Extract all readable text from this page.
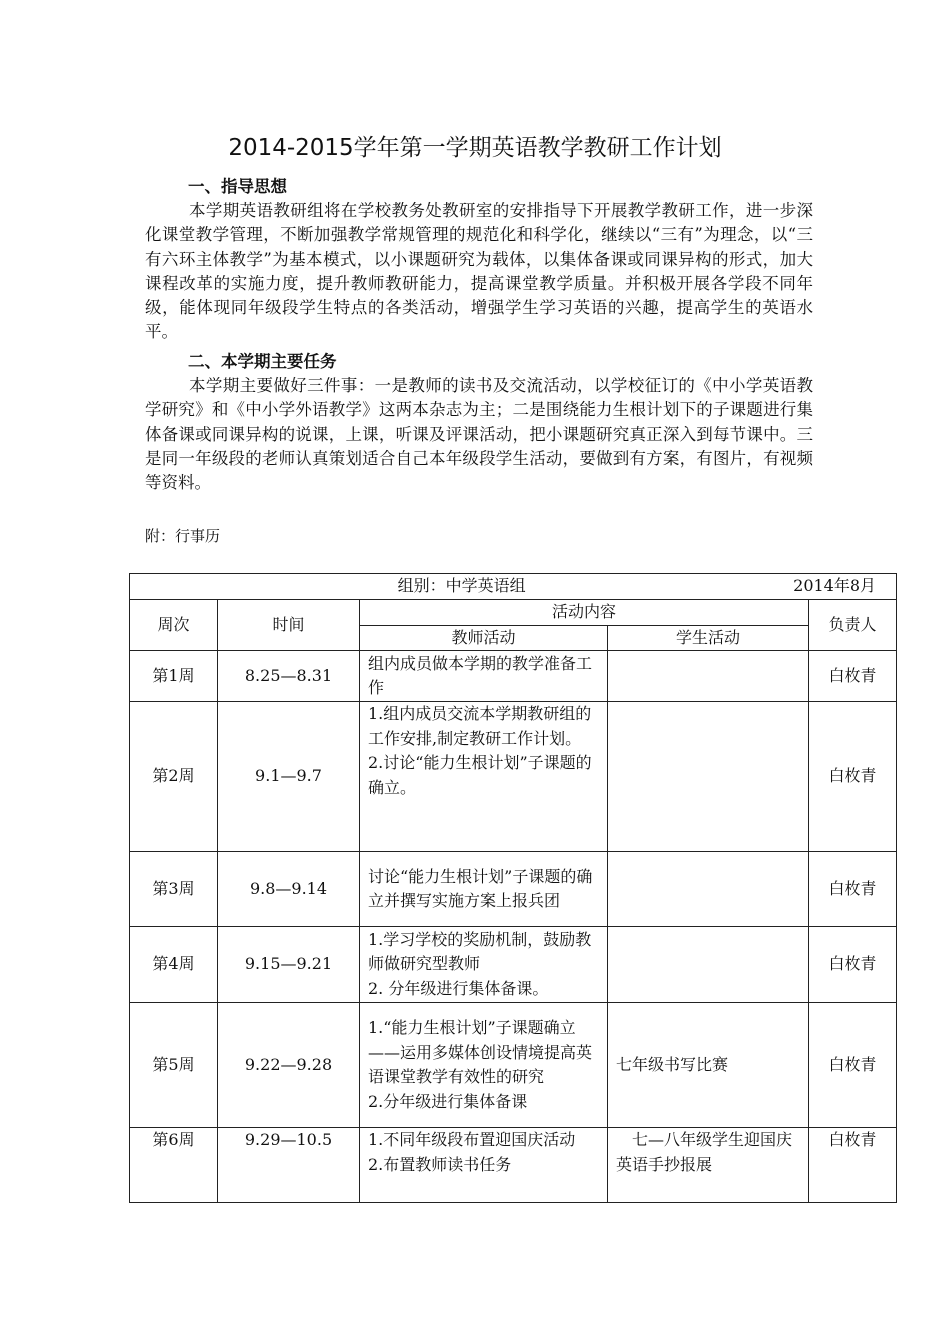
2014-2015学年第一学期英语教学教研工作计划
一、指导思想

本学期英语教研组将在学校教务处教研室的安排指导下开展教学教研工作，进一步深化课堂教学管理，不断加强教学常规管理的规范化和科学化，继续以“三有”为理念，以“三有六环主体教学”为基本模式，以小课题研究为载体，以集体备课或同课异构的形式，加大课程改革的实施力度，提升教师教研能力，提高课堂教学质量。并积极开展各学段不同年级，能体现同年级段学生特点的各类活动，增强学生学习英语的兴趣，提高学生的英语水平。

二、本学期主要任务

本学期主要做好三件事：一是教师的读书及交流活动，以学校征订的《中小学英语教学研究》和《中小学外语教学》这两本杂志为主；二是围绕能力生根计划下的子课题进行集体备课或同课异构的说课，上课，听课及评课活动，把小课题研究真正深入到每节课中。三是同一年级段的老师认真策划适合自己本年级段学生活动，要做到有方案，有图片，有视频等资料。

附：行事历
组别：中学英语组 2014年8月				

周次	时间	活动内容		负责人
		教师活动	学生活动	
第1周	8.25—8.31	组内成员做本学期的教学准备工作		白枚青
第2周	9.1—9.7	1.组内成员交流本学期教研组的工作安排,制定教研工作计划。
2.讨论“能力生根计划”子课题的确立。		白枚青
第3周	9.8—9.14	讨论“能力生根计划”子课题的确立并撰写实施方案上报兵团		白枚青
第4周	9.15—9.21	1.学习学校的奖励机制，鼓励教师做研究型教师
2. 分年级进行集体备课。		白枚青
第5周	9.22—9.28	1.“能力生根计划”子课题确立——运用多媒体创设情境提高英语课堂教学有效性的研究
2.分年级进行集体备课	七年级书写比赛	白枚青
第6周	9.29—10.5	1.不同年级段布置迎国庆活动
2.布置教师读书任务	七—八年级学生迎国庆英语手抄报展	白枚青
